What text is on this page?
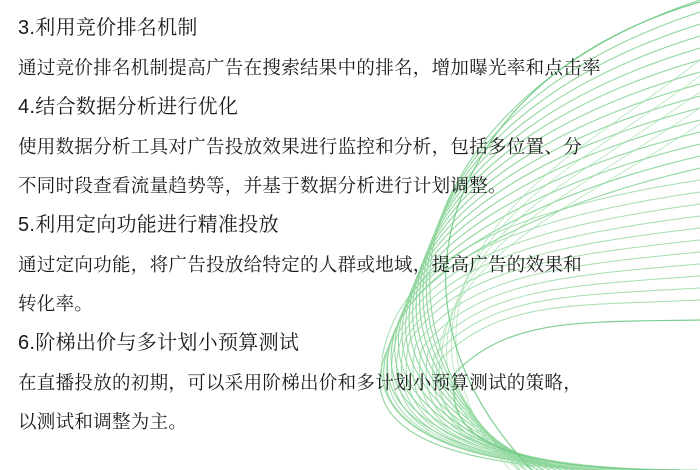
3.利用竞价排名机制
通过竞价排名机制提高广告在搜索结果中的排名，增加曝光率和点击率
4.结合数据分析进行优化
使用数据分析工具对广告投放效果进行监控和分析，包括多位置、分
不同时段查看流量趋势等，并基于数据分析进行计划调整。
5.利用定向功能进行精准投放
通过定向功能，将广告投放给特定的人群或地域，提高广告的效果和
转化率。
6.阶梯出价与多计划小预算测试
在直播投放的初期，可以采用阶梯出价和多计划小预算测试的策略，
以测试和调整为主。
